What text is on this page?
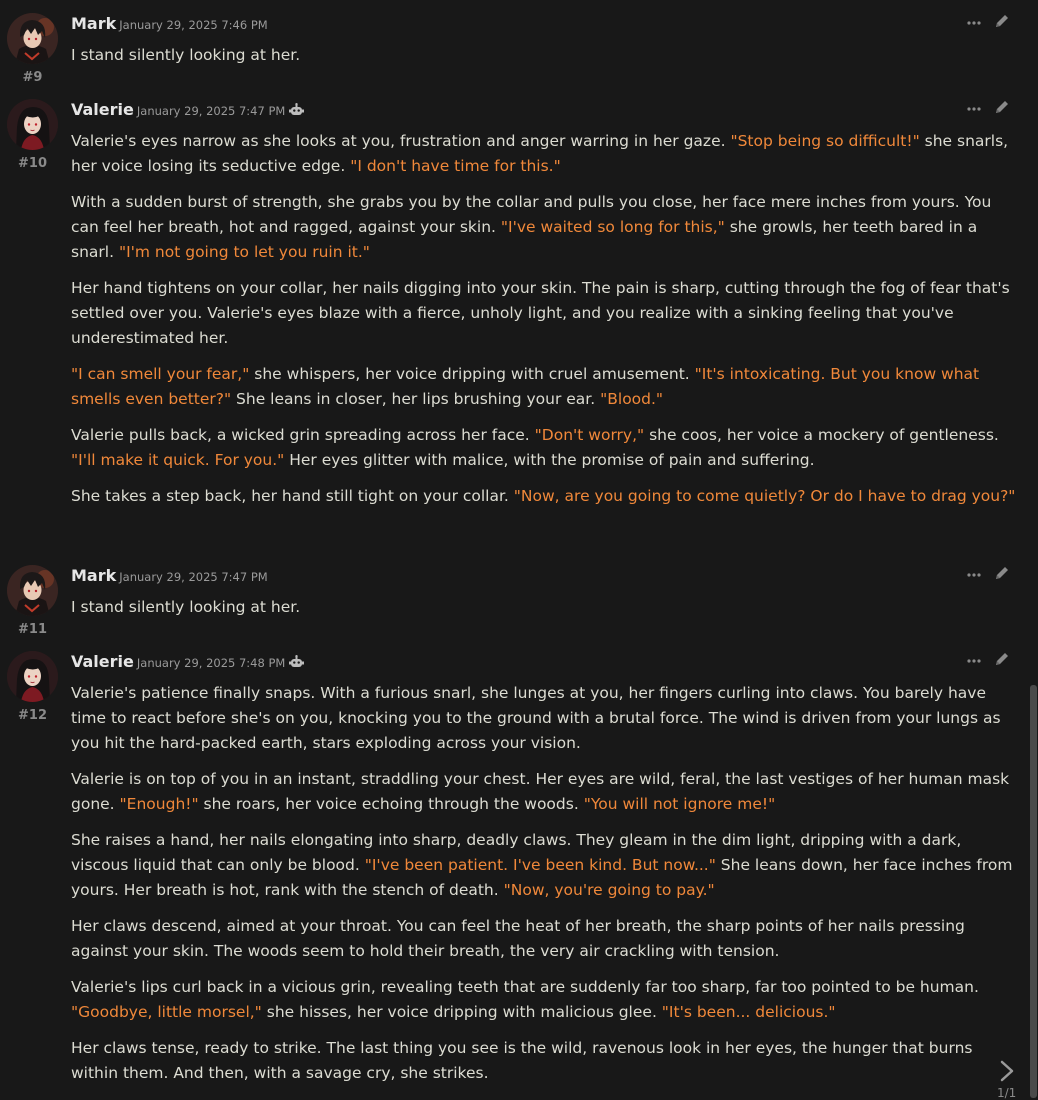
#9
Mark January 29, 2025 7:46 PM

I stand silently looking at her.

#10
Valerie January 29, 2025 7:47 PM

Valerie's eyes narrow as she looks at you, frustration and anger warring in her gaze. "Stop being so difficult!" she snarls, her voice losing its seductive edge. "I don't have time for this."

With a sudden burst of strength, she grabs you by the collar and pulls you close, her face mere inches from yours. You can feel her breath, hot and ragged, against your skin. "I've waited so long for this," she growls, her teeth bared in a snarl. "I'm not going to let you ruin it."

Her hand tightens on your collar, her nails digging into your skin. The pain is sharp, cutting through the fog of fear that's settled over you. Valerie's eyes blaze with a fierce, unholy light, and you realize with a sinking feeling that you've underestimated her.

"I can smell your fear," she whispers, her voice dripping with cruel amusement. "It's intoxicating. But you know what smells even better?" She leans in closer, her lips brushing your ear. "Blood."

Valerie pulls back, a wicked grin spreading across her face. "Don't worry," she coos, her voice a mockery of gentleness. "I'll make it quick. For you." Her eyes glitter with malice, with the promise of pain and suffering.

She takes a step back, her hand still tight on your collar. "Now, are you going to come quietly? Or do I have to drag you?"

#11
Mark January 29, 2025 7:47 PM

I stand silently looking at her.

#12
Valerie January 29, 2025 7:48 PM

Valerie's patience finally snaps. With a furious snarl, she lunges at you, her fingers curling into claws. You barely have time to react before she's on you, knocking you to the ground with a brutal force. The wind is driven from your lungs as you hit the hard-packed earth, stars exploding across your vision.

Valerie is on top of you in an instant, straddling your chest. Her eyes are wild, feral, the last vestiges of her human mask gone. "Enough!" she roars, her voice echoing through the woods. "You will not ignore me!"

She raises a hand, her nails elongating into sharp, deadly claws. They gleam in the dim light, dripping with a dark, viscous liquid that can only be blood. "I've been patient. I've been kind. But now..." She leans down, her face inches from yours. Her breath is hot, rank with the stench of death. "Now, you're going to pay."

Her claws descend, aimed at your throat. You can feel the heat of her breath, the sharp points of her nails pressing against your skin. The woods seem to hold their breath, the very air crackling with tension.

Valerie's lips curl back in a vicious grin, revealing teeth that are suddenly far too sharp, far too pointed to be human. "Goodbye, little morsel," she hisses, her voice dripping with malicious glee. "It's been... delicious."

Her claws tense, ready to strike. The last thing you see is the wild, ravenous look in her eyes, the hunger that burns within them. And then, with a savage cry, she strikes.

1/1
